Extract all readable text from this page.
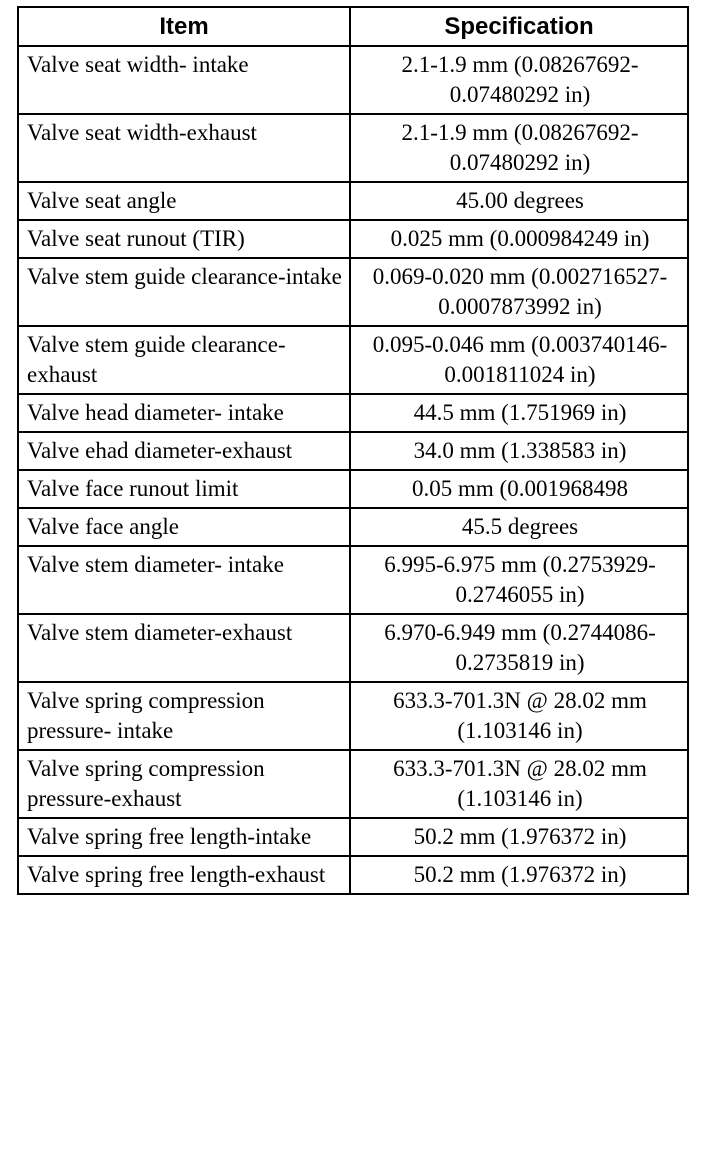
Item	Specification
Valve seat width- intake	2.1-1.9 mm (0.08267692-0.07480292 in)
Valve seat width-exhaust	2.1-1.9 mm (0.08267692-0.07480292 in)
Valve seat angle	45.00 degrees
Valve seat runout (TIR)	0.025 mm (0.000984249 in)
Valve stem guide clearance-intake	0.069-0.020 mm (0.002716527-0.0007873992 in)
Valve stem guide clearance-exhaust	0.095-0.046 mm (0.003740146-0.001811024 in)
Valve head diameter- intake	44.5 mm (1.751969 in)
Valve ehad diameter-exhaust	34.0 mm (1.338583 in)
Valve face runout limit	0.05 mm (0.001968498
Valve face angle	45.5 degrees
Valve stem diameter- intake	6.995-6.975 mm (0.2753929-0.2746055 in)
Valve stem diameter-exhaust	6.970-6.949 mm (0.2744086-0.2735819 in)
Valve spring compression pressure- intake	633.3-701.3N @ 28.02 mm (1.103146 in)
Valve spring compression pressure-exhaust	633.3-701.3N @ 28.02 mm (1.103146 in)
Valve spring free length-intake	50.2 mm (1.976372 in)
Valve spring free length-exhaust	50.2 mm (1.976372 in)
